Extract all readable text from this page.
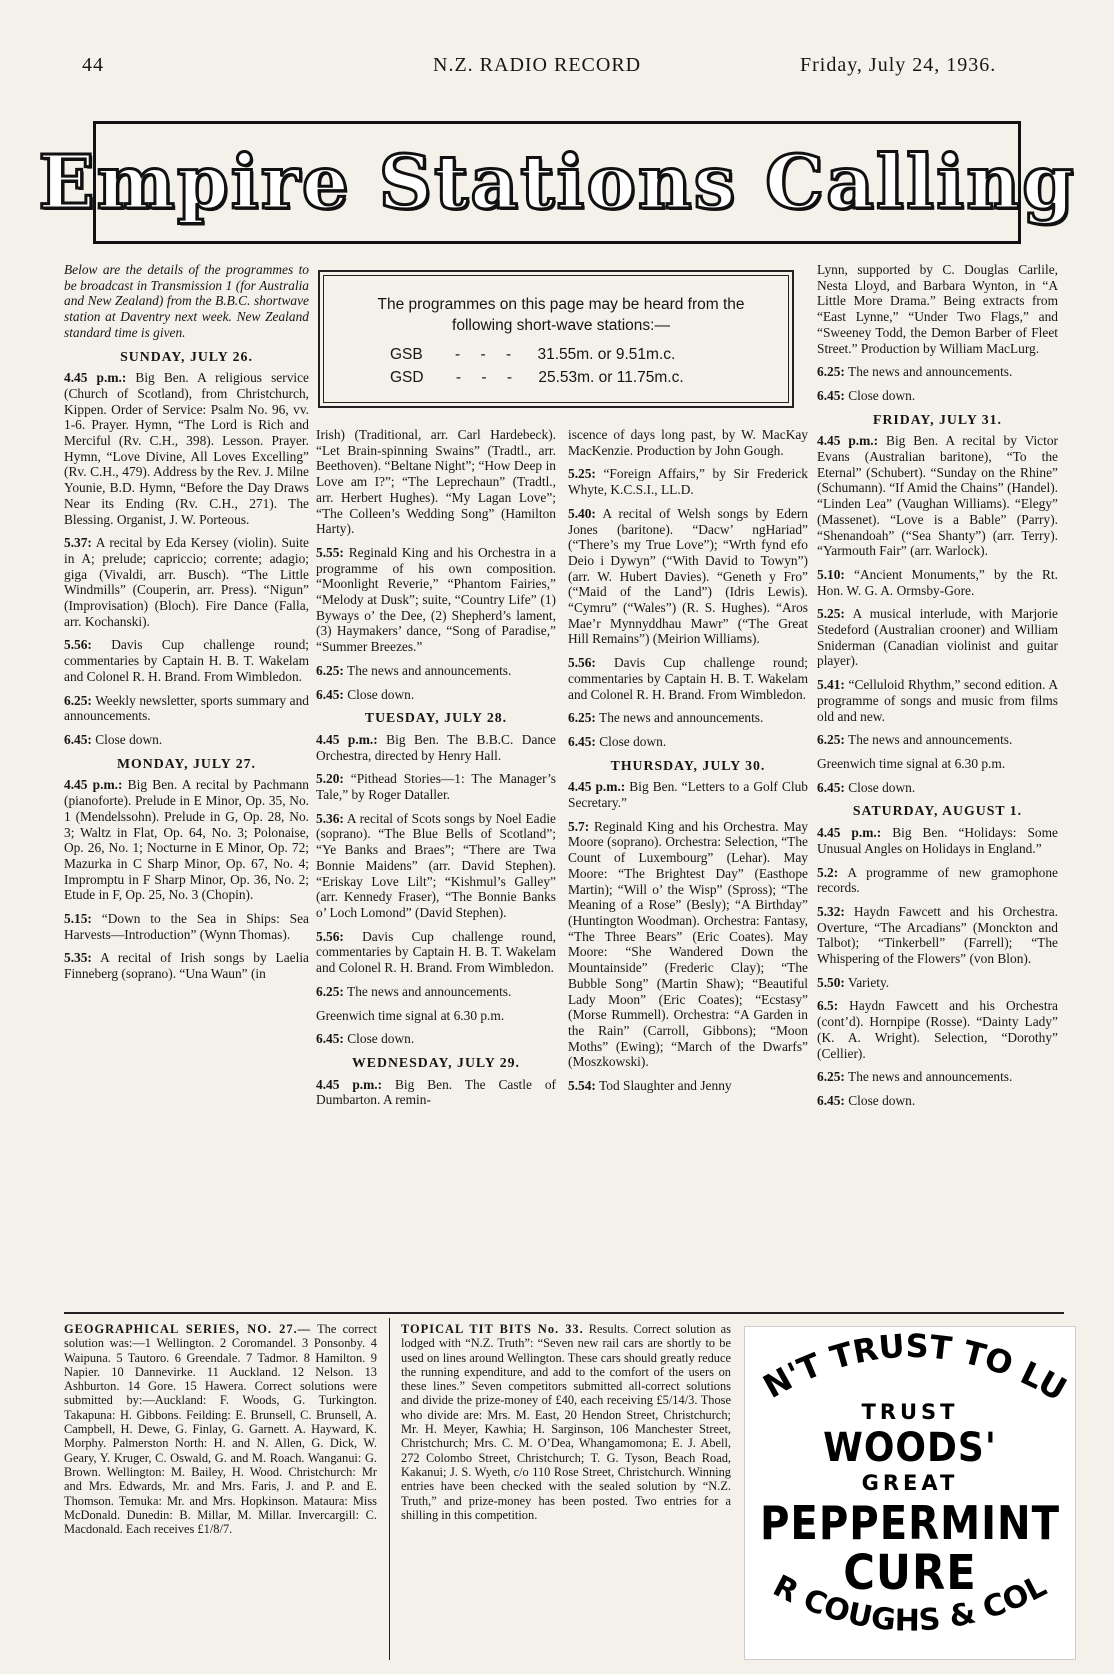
44	N.Z. RADIO RECORD	Friday, July 24, 1936.
Empire Stations Calling

Below are the details of the programmes to be broadcast in Transmission 1 (for Australia and New Zealand) from the B.B.C. shortwave station at Daventry next week. New Zealand standard time is given.

SUNDAY, JULY 26.

4.45 p.m.: Big Ben. A religious service (Church of Scotland), from Christchurch, Kippen. Order of Service: Psalm No. 96, vv. 1-6. Prayer. Hymn, “The Lord is Rich and Merciful (Rv. C.H., 398). Lesson. Prayer. Hymn, “Love Divine, All Loves Excelling” (Rv. C.H., 479). Address by the Rev. J. Milne Younie, B.D. Hymn, “Before the Day Draws Near its Ending (Rv. C.H., 271). The Blessing. Organist, J. W. Porteous.

5.37: A recital by Eda Kersey (violin). Suite in A; prelude; capriccio; corrente; adagio; giga (Vivaldi, arr. Busch). “The Little Windmills” (Couperin, arr. Press). “Nigun” (Improvisation) (Bloch). Fire Dance (Falla, arr. Kochanski).

5.56: Davis Cup challenge round; commentaries by Captain H. B. T. Wakelam and Colonel R. H. Brand. From Wimbledon.

6.25: Weekly newsletter, sports summary and announcements.

6.45: Close down.

MONDAY, JULY 27.

4.45 p.m.: Big Ben. A recital by Pachmann (pianoforte). Prelude in E Minor, Op. 35, No. 1 (Mendelssohn). Prelude in G, Op. 28, No. 3; Waltz in Flat, Op. 64, No. 3; Polonaise, Op. 26, No. 1; Nocturne in E Minor, Op. 72; Mazurka in C Sharp Minor, Op. 67, No. 4; Impromptu in F Sharp Minor, Op. 36, No. 2; Etude in F, Op. 25, No. 3 (Chopin).

5.15: “Down to the Sea in Ships: Sea Harvests—Introduction” (Wynn Thomas).

5.35: A recital of Irish songs by Laelia Finneberg (soprano). “Una Waun” (in

The programmes on this page may be heard from the following short-wave stations:—
GSB - - - 31.55m. or 9.51m.c.
GSD - - - 25.53m. or 11.75m.c.

Irish) (Traditional, arr. Carl Hardebeck). “Let Brain-spinning Swains” (Tradtl., arr. Beethoven). “Beltane Night”; “How Deep in Love am I?”; “The Leprechaun” (Tradtl., arr. Herbert Hughes). “My Lagan Love”; “The Colleen’s Wedding Song” (Hamilton Harty).

5.55: Reginald King and his Orchestra in a programme of his own composition. “Moonlight Reverie,” “Phantom Fairies,” “Melody at Dusk”; suite, “Country Life” (1) Byways o’ the Dee, (2) Shepherd’s lament, (3) Haymakers’ dance, “Song of Paradise,” “Summer Breezes.”

6.25: The news and announcements.

6.45: Close down.

TUESDAY, JULY 28.

4.45 p.m.: Big Ben. The B.B.C. Dance Orchestra, directed by Henry Hall.

5.20: “Pithead Stories—1: The Manager’s Tale,” by Roger Dataller.

5.36: A recital of Scots songs by Noel Eadie (soprano). “The Blue Bells of Scotland”; “Ye Banks and Braes”; “There are Twa Bonnie Maidens” (arr. David Stephen). “Eriskay Love Lilt”; “Kishmul’s Galley” (arr. Kennedy Fraser), “The Bonnie Banks o’ Loch Lomond” (David Stephen).

5.56: Davis Cup challenge round, commentaries by Captain H. B. T. Wakelam and Colonel R. H. Brand. From Wimbledon.

6.25: The news and announcements.

Greenwich time signal at 6.30 p.m.

6.45: Close down.

WEDNESDAY, JULY 29.

4.45 p.m.: Big Ben. The Castle of Dumbarton. A remin-

iscence of days long past, by W. MacKay MacKenzie. Production by John Gough.

5.25: “Foreign Affairs,” by Sir Frederick Whyte, K.C.S.I., LL.D.

5.40: A recital of Welsh songs by Edern Jones (baritone). “Dacw’ ngHariad” (“There’s my True Love”); “Wrth fynd efo Deio i Dywyn” (“With David to Towyn”) (arr. W. Hubert Davies). “Geneth y Fro” (“Maid of the Land”) (Idris Lewis). “Cymru” (“Wales”) (R. S. Hughes). “Aros Mae’r Mynnyddhau Mawr” (“The Great Hill Remains”) (Meirion Williams).

5.56: Davis Cup challenge round; commentaries by Captain H. B. T. Wakelam and Colonel R. H. Brand. From Wimbledon.

6.25: The news and announcements.

6.45: Close down.

THURSDAY, JULY 30.

4.45 p.m.: Big Ben. “Letters to a Golf Club Secretary.”

5.7: Reginald King and his Orchestra. May Moore (soprano). Orchestra: Selection, “The Count of Luxembourg” (Lehar). May Moore: “The Brightest Day” (Easthope Martin); “Will o’ the Wisp” (Spross); “The Meaning of a Rose” (Besly); “A Birthday” (Huntington Woodman). Orchestra: Fantasy, “The Three Bears” (Eric Coates). May Moore: “She Wandered Down the Mountainside” (Frederic Clay); “The Bubble Song” (Martin Shaw); “Beautiful Lady Moon” (Eric Coates); “Ecstasy” (Morse Rummell). Orchestra: “A Garden in the Rain” (Carroll, Gibbons); “Moon Moths” (Ewing); “March of the Dwarfs” (Moszkowski).

5.54: Tod Slaughter and Jenny

Lynn, supported by C. Douglas Carlile, Nesta Lloyd, and Barbara Wynton, in “A Little More Drama.” Being extracts from “East Lynne,” “Under Two Flags,” and “Sweeney Todd, the Demon Barber of Fleet Street.” Production by William MacLurg.

6.25: The news and announcements.

6.45: Close down.

FRIDAY, JULY 31.

4.45 p.m.: Big Ben. A recital by Victor Evans (Australian baritone), “To the Eternal” (Schubert). “Sunday on the Rhine” (Schumann). “If Amid the Chains” (Handel). “Linden Lea” (Vaughan Williams). “Elegy” (Massenet). “Love is a Bable” (Parry). “Shenandoah” (“Sea Shanty”) (arr. Terry). “Yarmouth Fair” (arr. Warlock).

5.10: “Ancient Monuments,” by the Rt. Hon. W. G. A. Ormsby-Gore.

5.25: A musical interlude, with Marjorie Stedeford (Australian crooner) and William Sniderman (Canadian violinist and guitar player).

5.41: “Celluloid Rhythm,” second edition. A programme of songs and music from films old and new.

6.25: The news and announcements.

Greenwich time signal at 6.30 p.m.

6.45: Close down.

SATURDAY, AUGUST 1.

4.45 p.m.: Big Ben. “Holidays: Some Unusual Angles on Holidays in England.”

5.2: A programme of new gramophone records.

5.32: Haydn Fawcett and his Orchestra. Overture, “The Arcadians” (Monckton and Talbot); “Tinkerbell” (Farrell); “The Whispering of the Flowers” (von Blon).

5.50: Variety.

6.5: Haydn Fawcett and his Orchestra (cont’d). Hornpipe (Rosse). “Dainty Lady” (K. A. Wright). Selection, “Dorothy” (Cellier).

6.25: The news and announcements.

6.45: Close down.

GEOGRAPHICAL SERIES, NO. 27.— The correct solution was:—1 Wellington. 2 Coromandel. 3 Ponsonby. 4 Waipuna. 5 Tautoro. 6 Greendale. 7 Tadmor. 8 Hamilton. 9 Napier. 10 Dannevirke. 11 Auckland. 12 Nelson. 13 Ashburton. 14 Gore. 15 Hawera. Correct solutions were submitted by:—Auckland: F. Woods, G. Turkington. Takapuna: H. Gibbons. Feilding: E. Brunsell, C. Brunsell, A. Campbell, H. Dewe, G. Finlay, G. Garnett. A. Hayward, K. Morphy. Palmerston North: H. and N. Allen, G. Dick, W. Geary, Y. Kruger, C. Oswald, G. and M. Roach. Wanganui: G. Brown. Wellington: M. Bailey, H. Wood. Christchurch: Mr and Mrs. Edwards, Mr. and Mrs. Faris, J. and P. and E. Thomson. Temuka: Mr. and Mrs. Hopkinson. Mataura: Miss McDonald. Dunedin: B. Millar, M. Millar. Invercargill: C. Macdonald. Each receives £1/8/7.
TOPICAL TIT BITS No. 33. Results. Correct solution as lodged with “N.Z. Truth”: “Seven new rail cars are shortly to be used on lines around Wellington. These cars should greatly reduce the running expenditure, and add to the comfort of the users on these lines.” Seven competitors submitted all-correct solutions and divide the prize-money of £40, each receiving £5/14/3. Those who divide are: Mrs. M. East, 20 Hendon Street, Christchurch; Mr. H. Meyer, Kawhia; H. Sarginson, 106 Manchester Street, Christchurch; Mrs. C. M. O’Dea, Whangamomona; E. J. Abell, 272 Colombo Street, Christchurch; T. G. Tyson, Beach Road, Kakanui; J. S. Wyeth, c/o 110 Rose Street, Christchurch. Winning entries have been checked with the sealed solution by “N.Z. Truth,” and prize-money has been posted. Two entries for a shilling in this competition.
N'T TRUST TO LU
R COUGHS & COL
TRUST
WOODS'
GREAT
PEPPERMINT
CURE
